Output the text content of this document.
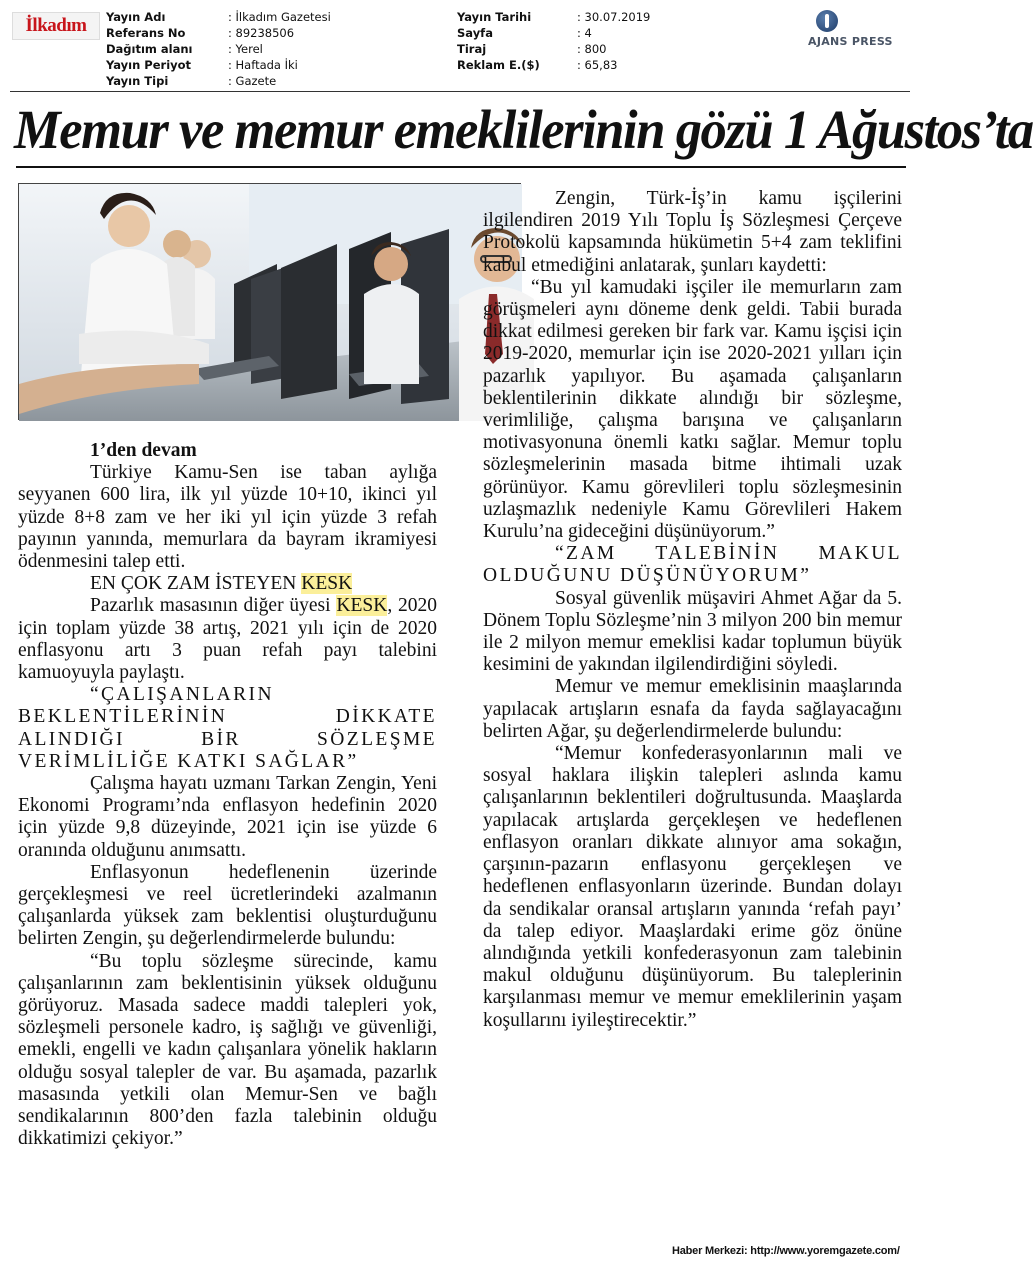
İlkadım Yayın Adı	: İlkadım Gazetesi
Referans No	: 89238506
Dağıtım alanı	: Yerel
Yayın Periyot	: Haftada İki
Yayın Tipi	: Gazete
Yayın Tarihi	: 30.07.2019
Sayfa	: 4
Tiraj	: 800
Reklam E.($)	: 65,83
AJANS PRESS
Memur ve memur emeklilerinin gözü 1 Ağustos’ta

1’den devam

Türkiye Kamu-Sen ise taban aylığa seyyanen 600 lira, ilk yıl yüzde 10+10, ikinci yıl yüzde 8+8 zam ve her iki yıl için yüzde 3 refah payının yanında, memurlara da bayram ikramiyesi ödenmesini talep etti.

EN ÇOK ZAM İSTEYEN KESK

Pazarlık masasının diğer üyesi KESK, 2020 için toplam yüzde 38 artış, 2021 yılı için de 2020 enflasyonu artı 3 puan refah payı talebini kamuoyuyla paylaştı.

“ÇALIŞANLARIN BEKLENTİLERİNİN DİKKATE ALINDIĞI BİR SÖZLEŞME VERİMLİLİĞE KATKI SAĞLAR”

Çalışma hayatı uzmanı Tarkan Zengin, Yeni Ekonomi Programı’nda enflasyon hedefinin 2020 için yüzde 9,8 düzeyinde, 2021 için ise yüzde 6 oranında olduğunu anımsattı.

Enflasyonun hedeflenenin üzerinde gerçekleşmesi ve reel ücretlerindeki azalmanın çalışanlarda yüksek zam beklentisi oluşturduğunu belirten Zengin, şu değerlendirmelerde bulundu:

“Bu toplu sözleşme sürecinde, kamu çalışanlarının zam beklentisinin yüksek olduğunu görüyoruz. Masada sadece maddi talepleri yok, sözleşmeli personele kadro, iş sağlığı ve güvenliği, emekli, engelli ve kadın çalışanlara yönelik hakların olduğu sosyal talepler de var. Bu aşamada, pazarlık masasında yetkili olan Memur-Sen ve bağlı sendikalarının 800’den fazla talebinin olduğu dikkatimizi çekiyor.”

Zengin, Türk-İş’in kamu işçilerini ilgilendiren 2019 Yılı Toplu İş Sözleşmesi Çerçeve Protokolü kapsamında hükümetin 5+4 zam teklifini kabul etmediğini anlatarak, şunları kaydetti:

“Bu yıl kamudaki işçiler ile memurların zam görüşmeleri aynı döneme denk geldi. Tabii burada dikkat edilmesi gereken bir fark var. Kamu işçisi için 2019-2020, memurlar için ise 2020-2021 yılları için pazarlık yapılıyor. Bu aşamada çalışanların beklentilerinin dikkate alındığı bir sözleşme, verimliliğe, çalışma barışına ve çalışanların motivasyonuna önemli katkı sağlar. Memur toplu sözleşmelerinin masada bitme ihtimali uzak görünüyor. Kamu görevlileri toplu sözleşmesinin uzlaşmazlık nedeniyle Kamu Görevlileri Hakem Kurulu’na gideceğini düşünüyorum.”

“ZAM TALEBİNİN MAKUL OLDUĞUNU DÜŞÜNÜYORUM”

Sosyal güvenlik müşaviri Ahmet Ağar da 5. Dönem Toplu Sözleşme’nin 3 milyon 200 bin memur ile 2 milyon memur emeklisi kadar toplumun büyük kesimini de yakından ilgilendirdiğini söyledi.

Memur ve memur emeklisinin maaşlarında yapılacak artışların esnafa da fayda sağlayacağını belirten Ağar, şu değerlendirmelerde bulundu:

“Memur konfederasyonlarının mali ve sosyal haklara ilişkin talepleri aslında kamu çalışanlarının beklentileri doğrultusunda. Maaşlarda yapılacak artışlarda gerçekleşen ve hedeflenen enflasyon oranları dikkate alınıyor ama sokağın, çarşının-pazarın enflasyonu gerçekleşen ve hedeflenen enflasyonların üzerinde. Bundan dolayı da sendikalar oransal artışların yanında ‘refah payı’ da talep ediyor. Maaşlardaki erime göz önüne alındığında yetkili konfederasyonun zam talebinin makul olduğunu düşünüyorum. Bu taleplerinin karşılanması memur ve memur emeklilerinin yaşam koşullarını iyileştirecektir.”

Haber Merkezi: http://www.yoremgazete.com/
